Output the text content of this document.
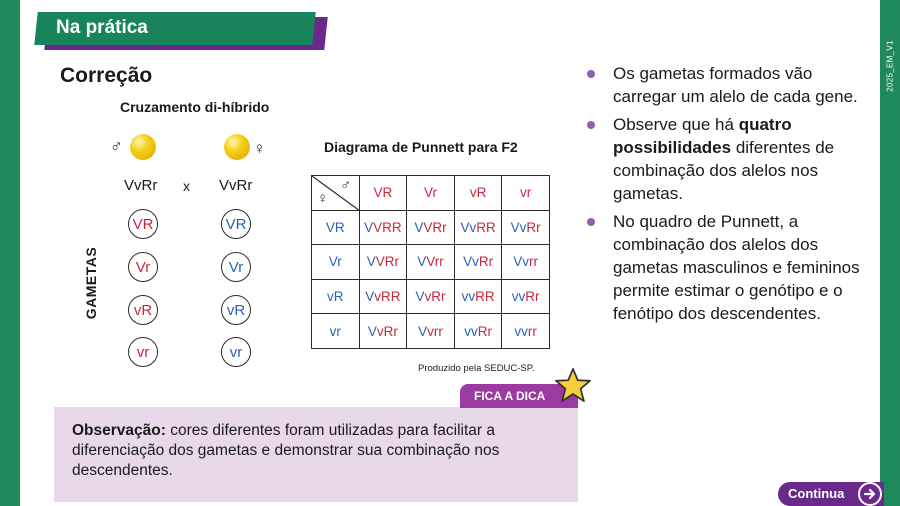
2025_EM_V1
Na prática
Correção
Cruzamento di-híbrido
♂	♀
VvRr x VvRr
GAMETAS
VR
Vr
vR
vr
VR
Vr
vR
vr
Diagrama de Punnett para F2
♀
♂	VR	Vr	vR	vr
VR	VVRR	VVRr	VvRR	VvRr
Vr	VVRr	VVrr	VvRr	Vvrr
vR	VvRR	VvRr	vvRR	vvRr
vr	VvRr	Vvrr	vvRr	vvrr
Produzido pela SEDUC-SP.
Os gametas formados vão carregar um alelo de cada gene.
Observe que há quatro possibilidades diferentes de combinação dos alelos nos gametas.
No quadro de Punnett, a combinação dos alelos dos gametas masculinos e femininos permite estimar o genótipo e o fenótipo dos descendentes.
Observação: cores diferentes foram utilizadas para facilitar a diferenciação dos gametas e demonstrar sua combinação nos descendentes.
FICA A DICA
Continua
